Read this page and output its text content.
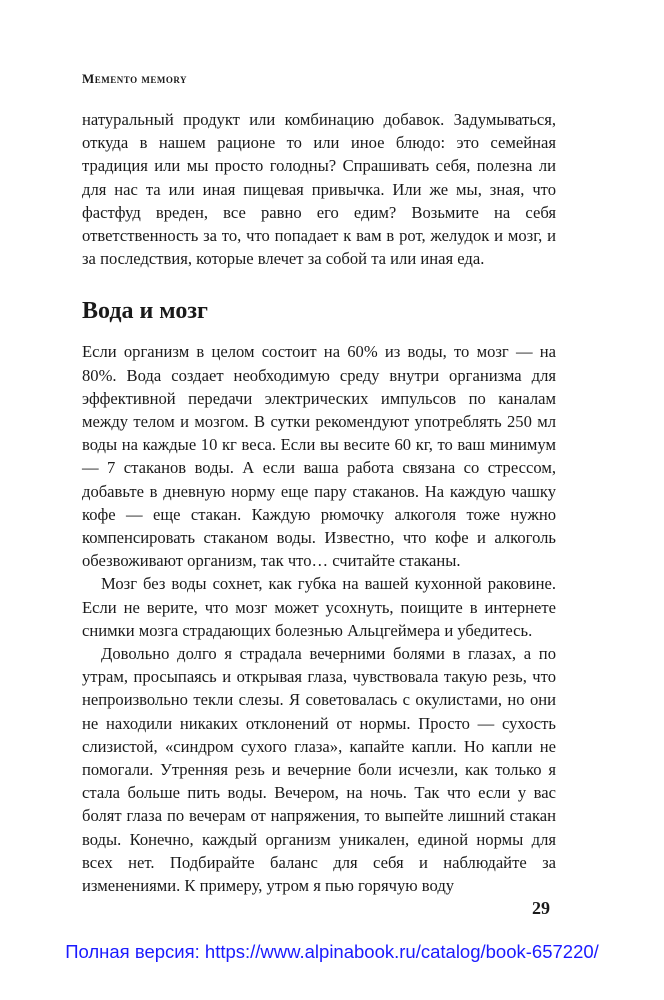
Memento memory

натуральный продукт или комбинацию добавок. Задумываться, откуда в нашем рационе то или иное блюдо: это семейная традиция или мы просто голодны? Спрашивать себя, полезна ли для нас та или иная пищевая привычка. Или же мы, зная, что фастфуд вреден, все равно его едим? Возьмите на себя ответственность за то, что попадает к вам в рот, желудок и мозг, и за последствия, которые влечет за собой та или иная еда.

Вода и мозг

Если организм в целом состоит на 60% из воды, то мозг — на 80%. Вода создает необходимую среду внутри организма для эффективной передачи электрических импульсов по каналам между телом и мозгом. В сутки рекомендуют употреблять 250 мл воды на каждые 10 кг веса. Если вы весите 60 кг, то ваш минимум — 7 стаканов воды. А если ваша работа связана со стрессом, добавьте в дневную норму еще пару стаканов. На каждую чашку кофе — еще стакан. Каждую рюмочку алкоголя тоже нужно компенсировать стаканом воды. Известно, что кофе и алкоголь обезвоживают организм, так что… считайте стаканы.

Мозг без воды сохнет, как губка на вашей кухонной раковине. Если не верите, что мозг может усохнуть, поищите в интернете снимки мозга страдающих болезнью Альцгеймера и убедитесь.

Довольно долго я страдала вечерними болями в глазах, а по утрам, просыпаясь и открывая глаза, чувствовала такую резь, что непроизвольно текли слезы. Я советовалась с окулистами, но они не находили никаких отклонений от нормы. Просто — сухость слизистой, «синдром сухого глаза», капайте капли. Но капли не помогали. Утренняя резь и вечерние боли исчезли, как только я стала больше пить воды. Вечером, на ночь. Так что если у вас болят глаза по вечерам от напряжения, то выпейте лишний стакан воды. Конечно, каждый организм уникален, единой нормы для всех нет. Подбирайте баланс для себя и наблюдайте за изменениями. К примеру, утром я пью горячую воду

29
Полная версия: https://www.alpinabook.ru/catalog/book-657220/
